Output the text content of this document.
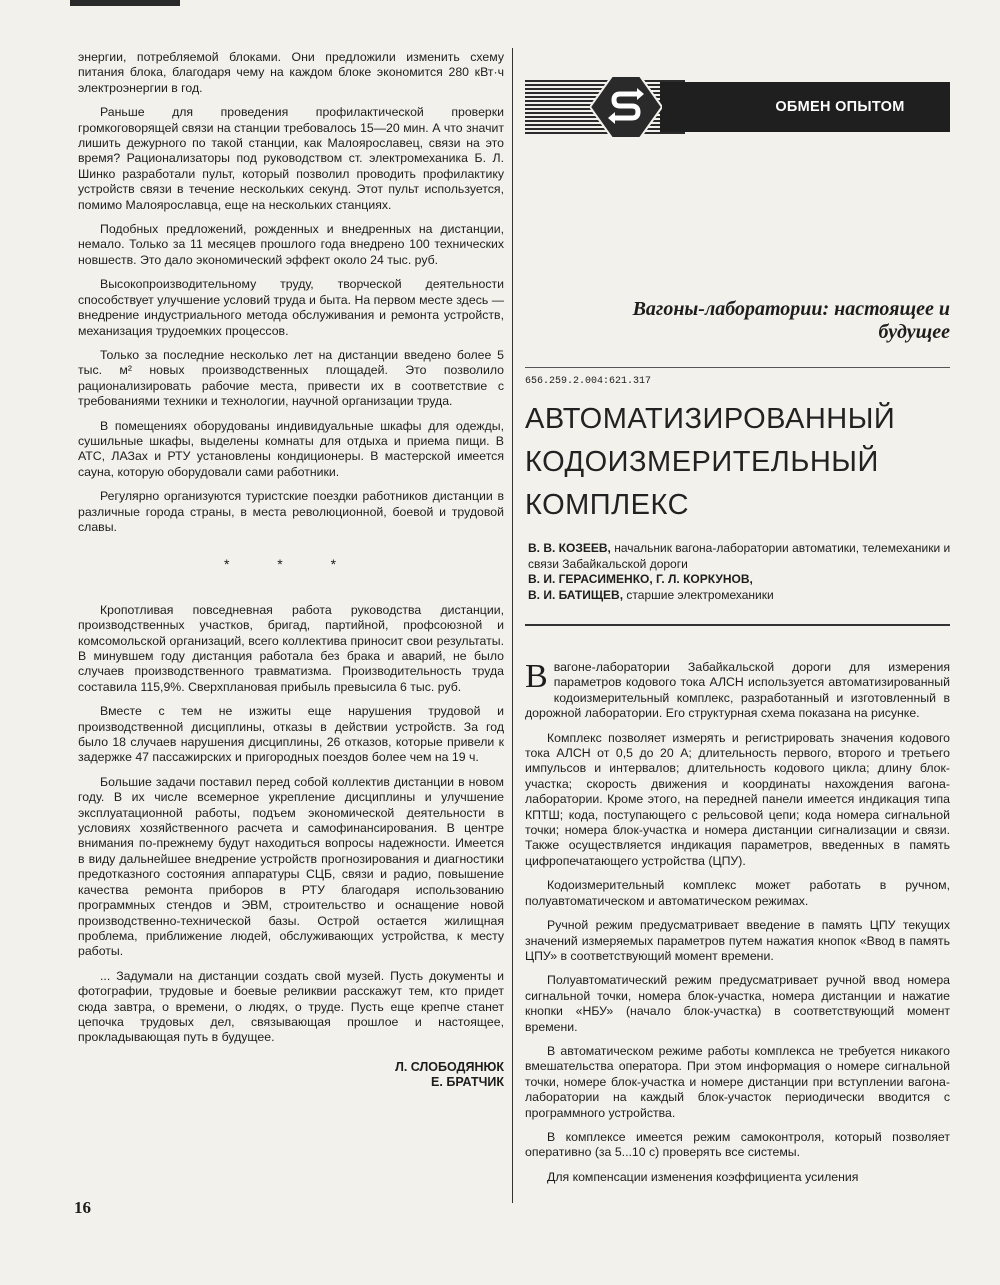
энергии, потребляемой блоками. Они предложили изменить схему питания блока, благодаря чему на каждом блоке экономится 280 кВт·ч электроэнергии в год.

Раньше для проведения профилактической проверки громкоговорящей связи на станции требовалось 15—20 мин. А что значит лишить дежурного по такой станции, как Малоярославец, связи на это время? Рационализаторы под руководством ст. электромеханика Б. Л. Шинко разработали пульт, который позволил проводить профилактику устройств связи в течение нескольких секунд. Этот пульт используется, помимо Малоярославца, еще на нескольких станциях.

Подобных предложений, рожденных и внедренных на дистанции, немало. Только за 11 месяцев прошлого года внедрено 100 технических новшеств. Это дало экономический эффект около 24 тыс. руб.

Высокопроизводительному труду, творческой деятельности способствует улучшение условий труда и быта. На первом месте здесь — внедрение индустриального метода обслуживания и ремонта устройств, механизация трудоемких процессов.

Только за последние несколько лет на дистанции введено более 5 тыс. м² новых производственных площадей. Это позволило рационализировать рабочие места, привести их в соответствие с требованиями техники и технологии, научной организации труда.

В помещениях оборудованы индивидуальные шкафы для одежды, сушильные шкафы, выделены комнаты для отдыха и приема пищи. В АТС, ЛАЗах и РТУ установлены кондиционеры. В мастерской имеется сауна, которую оборудовали сами работники.

Регулярно организуются туристские поездки работников дистанции в различные города страны, в места революционной, боевой и трудовой славы.

* * *

Кропотливая повседневная работа руководства дистанции, производственных участков, бригад, партийной, профсоюзной и комсомольской организаций, всего коллектива приносит свои результаты. В минувшем году дистанция работала без брака и аварий, не было случаев производственного травматизма. Производительность труда составила 115,9%. Сверхплановая прибыль превысила 6 тыс. руб.

Вместе с тем не изжиты еще нарушения трудовой и производственной дисциплины, отказы в действии устройств. За год было 18 случаев нарушения дисциплины, 26 отказов, которые привели к задержке 47 пассажирских и пригородных поездов более чем на 19 ч.

Большие задачи поставил перед собой коллектив дистанции в новом году. В их числе всемерное укрепление дисциплины и улучшение эксплуатационной работы, подъем экономической деятельности в условиях хозяйственного расчета и самофинансирования. В центре внимания по-прежнему будут находиться вопросы надежности. Имеется в виду дальнейшее внедрение устройств прогнозирования и диагностики предотказного состояния аппаратуры СЦБ, связи и радио, повышение качества ремонта приборов в РТУ благодаря использованию программных стендов и ЭВМ, строительство и оснащение новой производственно-технической базы. Острой остается жилищная проблема, приближение людей, обслуживающих устройства, к месту работы.

... Задумали на дистанции создать свой музей. Пусть документы и фотографии, трудовые и боевые реликвии расскажут тем, кто придет сюда завтра, о времени, о людях, о труде. Пусть еще крепче станет цепочка трудовых дел, связывающая прошлое и настоящее, прокладывающая путь в будущее.

Л. СЛОБОДЯНЮК
Е. БРАТЧИК
16
ОБМЕН ОПЫТОМ
Вагоны-лаборатории: настоящее и будущее
656.259.2.004:621.317
АВТОМАТИЗИРОВАННЫЙ
КОДОИЗМЕРИТЕЛЬНЫЙ
КОМПЛЕКС
В. В. КОЗЕЕВ, начальник вагона-лаборатории автоматики, телемеханики и связи Забайкальской дороги
В. И. ГЕРАСИМЕНКО, Г. Л. КОРКУНОВ,
В. И. БАТИЩЕВ, старшие электромеханики

Ввагоне-лаборатории Забайкальской дороги для измерения параметров кодового тока АЛСН используется автоматизированный кодоизмерительный комплекс, разработанный и изготовленный в дорожной лаборатории. Его структурная схема показана на рисунке.

Комплекс позволяет измерять и регистрировать значения кодового тока АЛСН от 0,5 до 20 А; длительность первого, второго и третьего импульсов и интервалов; длительность кодового цикла; длину блок-участка; скорость движения и координаты нахождения вагона-лаборатории. Кроме этого, на передней панели имеется индикация типа КПТШ; кода, поступающего с рельсовой цепи; кода номера сигнальной точки; номера блок-участка и номера дистанции сигнализации и связи. Также осуществляется индикация параметров, введенных в память цифропечатающего устройства (ЦПУ).

Кодоизмерительный комплекс может работать в ручном, полуавтоматическом и автоматическом режимах.

Ручной режим предусматривает введение в память ЦПУ текущих значений измеряемых параметров путем нажатия кнопок «Ввод в память ЦПУ» в соответствующий момент времени.

Полуавтоматический режим предусматривает ручной ввод номера сигнальной точки, номера блок-участка, номера дистанции и нажатие кнопки «НБУ» (начало блок-участка) в соответствующий момент времени.

В автоматическом режиме работы комплекса не требуется никакого вмешательства оператора. При этом информация о номере сигнальной точки, номере блок-участка и номере дистанции при вступлении вагона-лаборатории на каждый блок-участок периодически вводится с программного устройства.

В комплексе имеется режим самоконтроля, который позволяет оперативно (за 5...10 с) проверять все системы.

Для компенсации изменения коэффициента усиления
